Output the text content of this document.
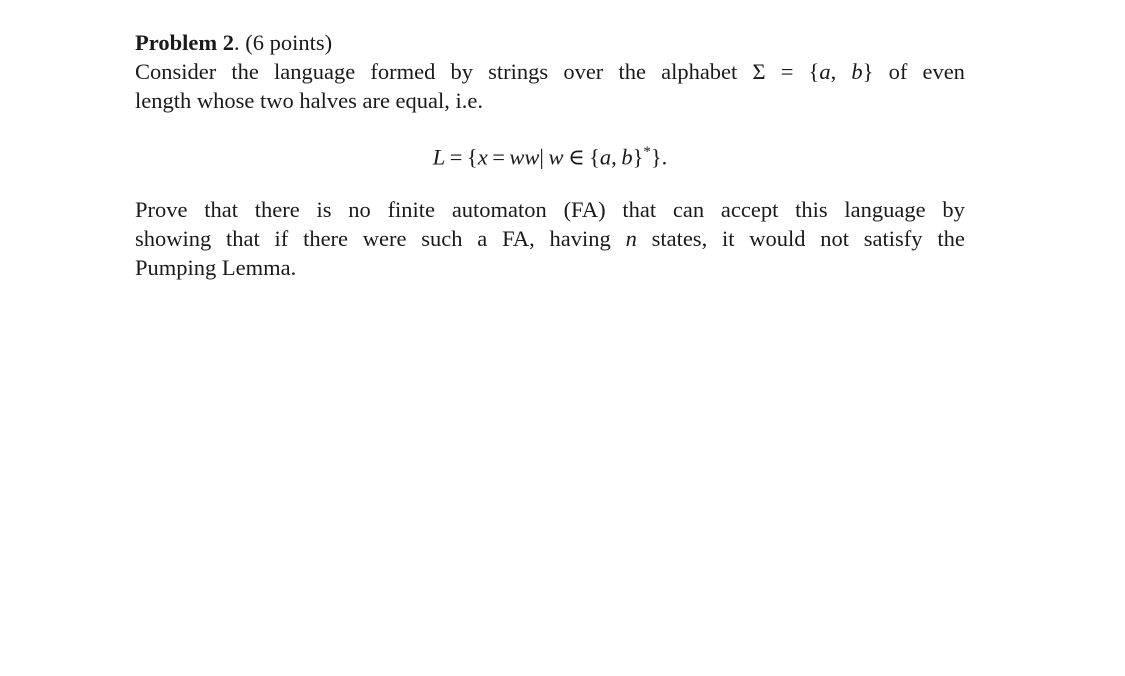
Problem 2. (6 points)
Consider the language formed by strings over the alphabet Σ = {a, b} of even
length whose two halves are equal, i.e.
L = {x = ww| w ∈ {a, b}*}.
Prove that there is no finite automaton (FA) that can accept this language by
showing that if there were such a FA, having n states, it would not satisfy the
Pumping Lemma.
